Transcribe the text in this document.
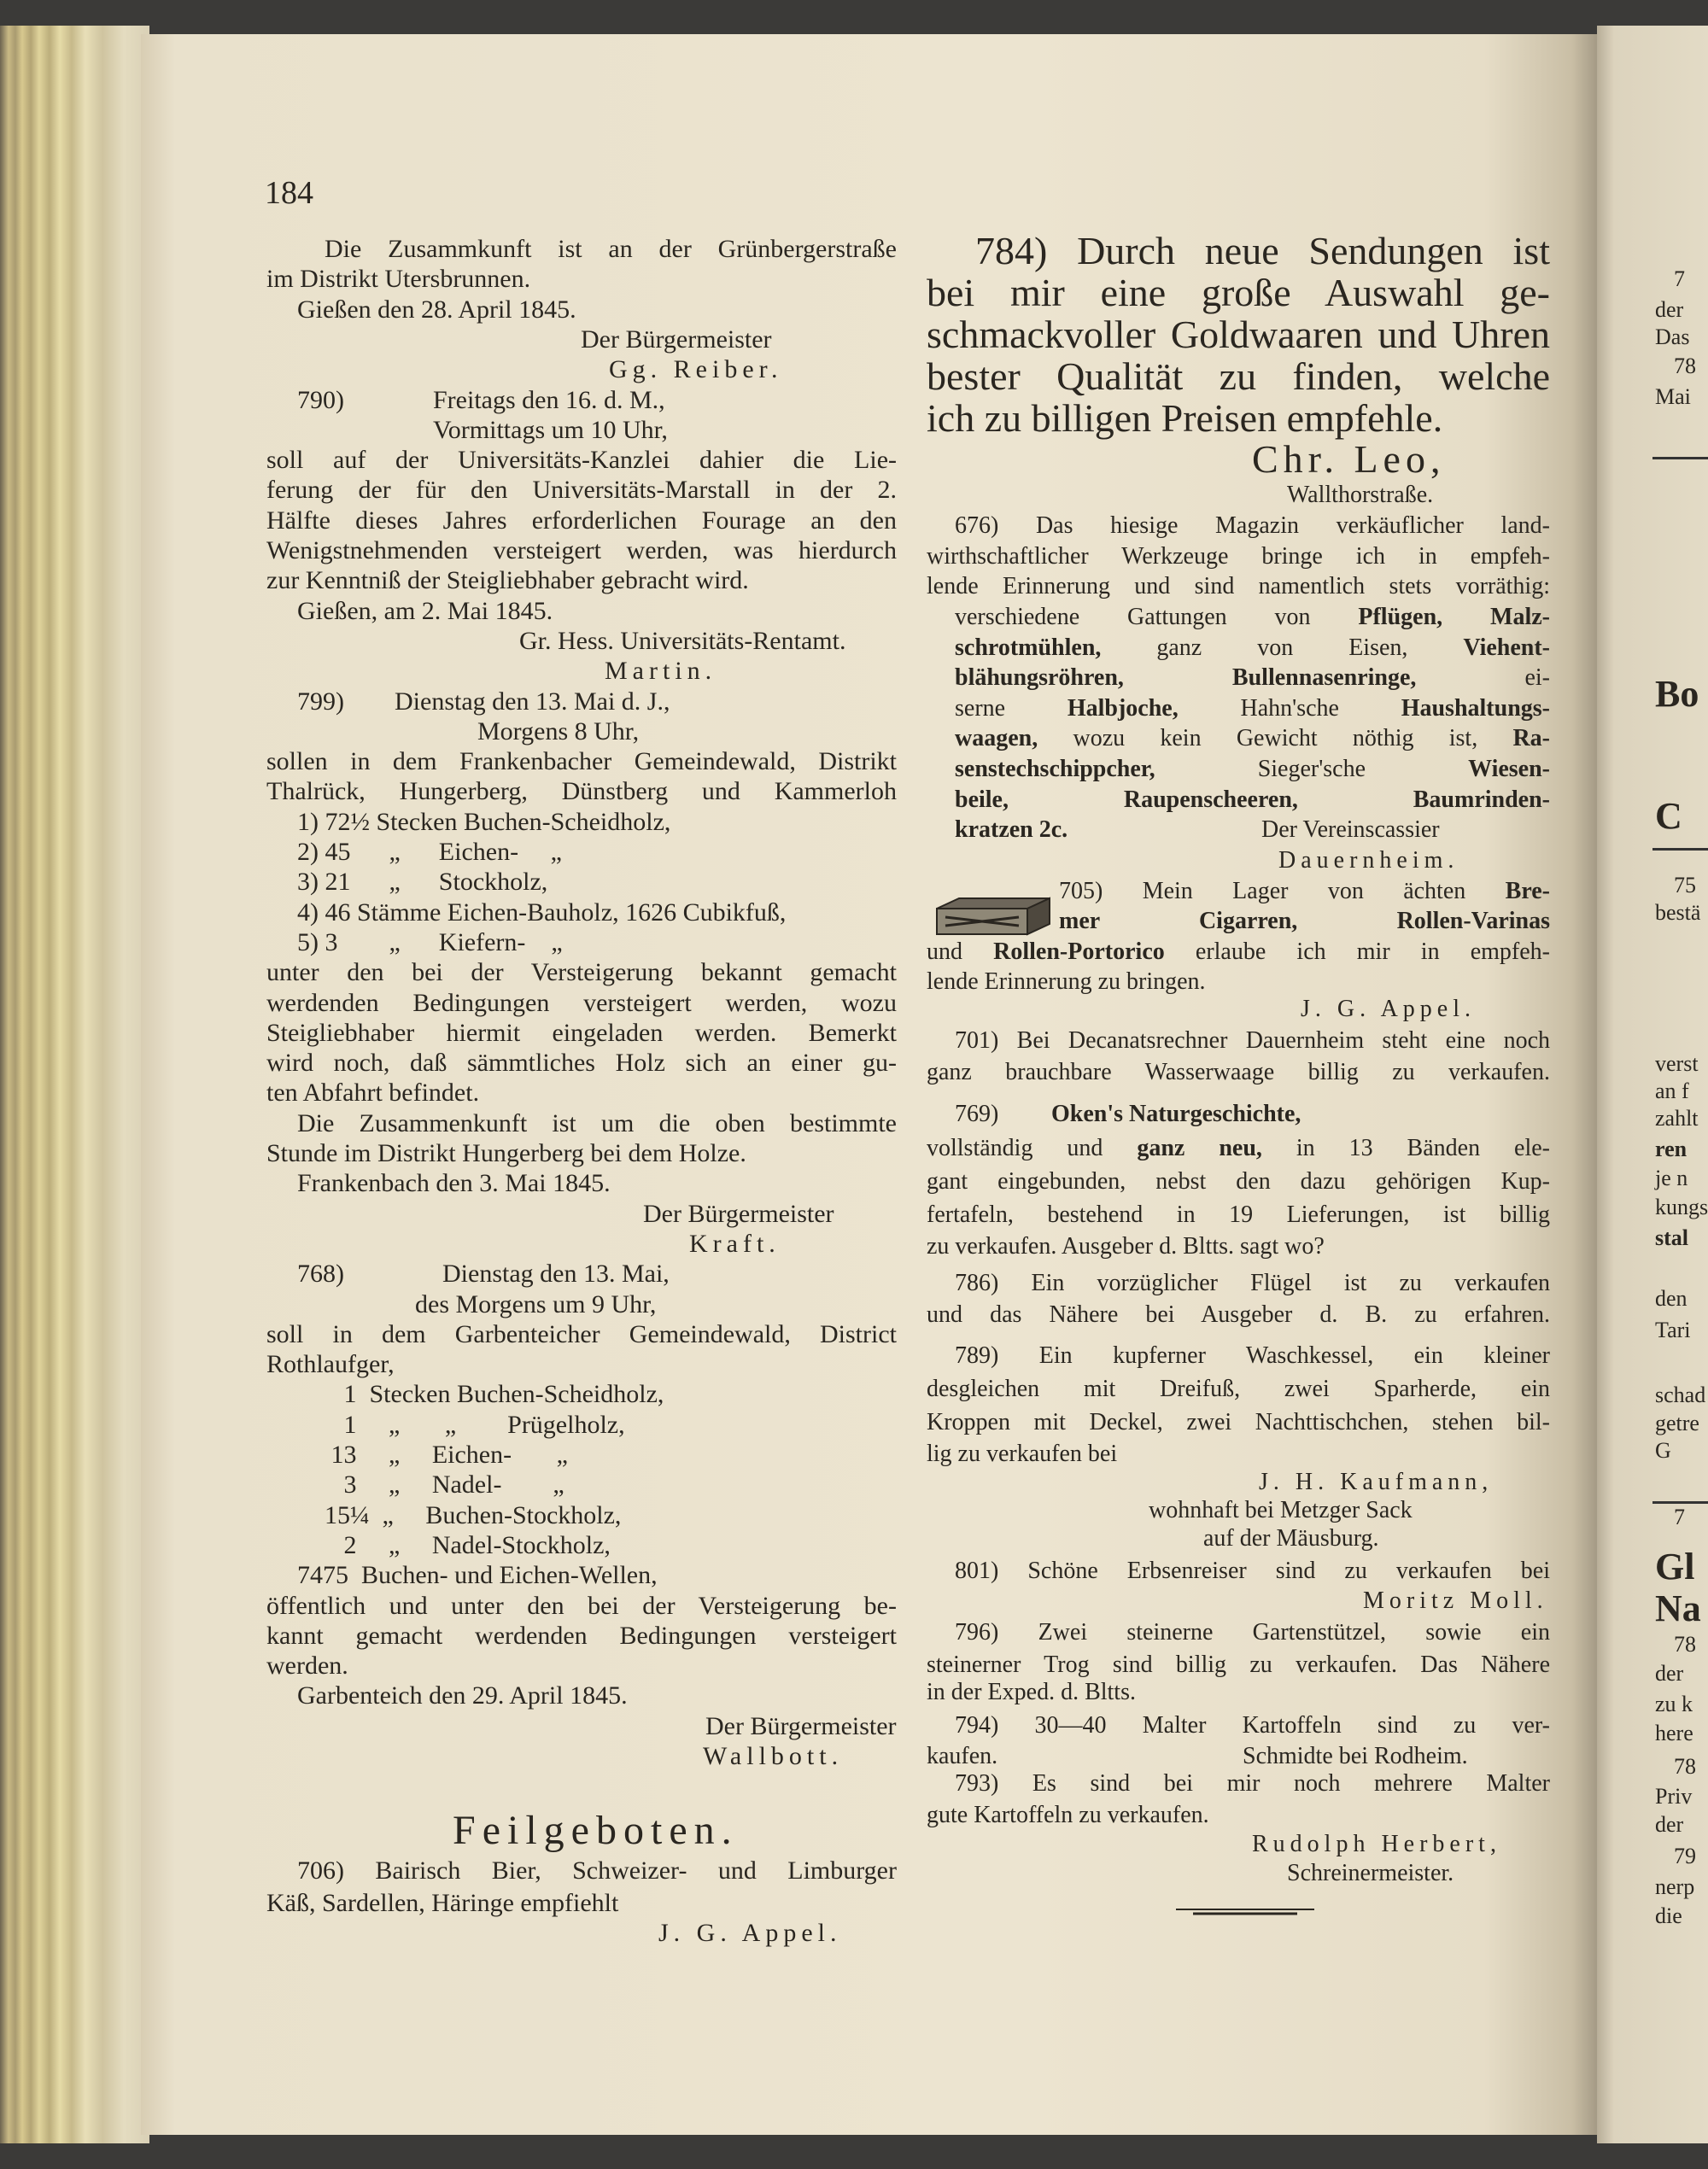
184
Die Zusammkunft ist an der Grünbergerstraße
im Distrikt Utersbrunnen.
Gießen den 28. April 1845.
Der Bürgermeister
Gg. Reiber.
790)	Freitags den 16. d. M.,
Vormittags um 10 Uhr,
soll auf der Universitäts-Kanzlei dahier die Lie-
ferung der für den Universitäts-Marstall in der 2.
Hälfte dieses Jahres erforderlichen Fourage an den
Wenigstnehmenden versteigert werden, was hierdurch
zur Kenntniß der Steigliebhaber gebracht wird.
Gießen, am 2. Mai 1845.
Gr. Hess. Universitäts-Rentamt.
Martin.
799) Dienstag den 13. Mai d. J.,
Morgens 8 Uhr,
sollen in dem Frankenbacher Gemeindewald, Distrikt
Thalrück, Hungerberg, Dünstberg und Kammerloh
1) 72½ Stecken Buchen-Scheidholz,
2) 45      „      Eichen-     „
3) 21      „      Stockholz,
4) 46 Stämme Eichen-Bauholz, 1626 Cubikfuß,
5) 3        „      Kiefern-    „
unter den bei der Versteigerung bekannt gemacht
werdenden Bedingungen versteigert werden, wozu
Steigliebhaber hiermit eingeladen werden. Bemerkt
wird noch, daß sämmtliches Holz sich an einer gu-
ten Abfahrt befindet.
Die Zusammenkunft ist um die oben bestimmte
Stunde im Distrikt Hungerberg bei dem Holze.
Frankenbach den 3. Mai 1845.
Der Bürgermeister
Kraft.
768)	Dienstag den 13. Mai,
des Morgens um 9 Uhr,
soll in dem Garbenteicher Gemeindewald, District
Rothlaufger,
1  Stecken Buchen-Scheidholz,
1     „       „        Prügelholz,
13     „     Eichen-       „
3     „     Nadel-        „
15¼  „     Buchen-Stockholz,
2     „     Nadel-Stockholz,
7475  Buchen- und Eichen-Wellen,
öffentlich und unter den bei der Versteigerung be-
kannt gemacht werdenden Bedingungen versteigert
werden.
Garbenteich den 29. April 1845.
Der Bürgermeister
Wallbott.
706) Bairisch Bier, Schweizer- und Limburger
Käß, Sardellen, Häringe empfiehlt
J. G. Appel.
Feilgeboten.
784) Durch neue Sendungen ist
bei mir eine große Auswahl ge-
schmackvoller Goldwaaren und Uhren
bester Qualität zu finden, welche
ich zu billigen Preisen empfehle.
Chr. Leo,
Wallthorstraße.
676) Das hiesige Magazin verkäuflicher land-
wirthschaftlicher Werkzeuge bringe ich in empfeh-
lende Erinnerung und sind namentlich stets vorräthig:
verschiedene Gattungen von Pflügen, Malz-
schrotmühlen, ganz von Eisen, Viehent-
blähungsröhren, Bullennasenringe, ei-
serne Halbjoche, Hahn'sche Haushaltungs-
waagen, wozu kein Gewicht nöthig ist, Ra-
senstechschippcher, Sieger'sche Wiesen-
beile, Raupenscheeren, Baumrinden-
kratzen 2c.	Der Vereinscassier
Dauernheim.
705) Mein Lager von ächten Bre-
mer Cigarren, Rollen-Varinas
und Rollen-Portorico erlaube ich mir in empfeh-
lende Erinnerung zu bringen.
J. G. Appel.
701) Bei Decanatsrechner Dauernheim steht eine noch
ganz brauchbare Wasserwaage billig zu verkaufen.
769) Oken's Naturgeschichte,
vollständig und ganz neu, in 13 Bänden ele-
gant eingebunden, nebst den dazu gehörigen Kup-
fertafeln, bestehend in 19 Lieferungen, ist billig
zu verkaufen. Ausgeber d. Bltts. sagt wo?
786) Ein vorzüglicher Flügel ist zu verkaufen
und das Nähere bei Ausgeber d. B. zu erfahren.
789) Ein kupferner Waschkessel, ein kleiner
desgleichen mit Dreifuß, zwei Sparherde, ein
Kroppen mit Deckel, zwei Nachttischchen, stehen bil-
lig zu verkaufen bei
J. H. Kaufmann,
wohnhaft bei Metzger Sack
auf der Mäusburg.
801) Schöne Erbsenreiser sind zu verkaufen bei
Moritz Moll.
796) Zwei steinerne Gartenstützel, sowie ein
steinerner Trog sind billig zu verkaufen. Das Nähere
in der Exped. d. Bltts.
794) 30—40 Malter Kartoffeln sind zu ver-
kaufen.	Schmidte bei Rodheim.
793) Es sind bei mir noch mehrere Malter
gute Kartoffeln zu verkaufen.
Rudolph Herbert,
Schreinermeister.
7
der
Das
78
Mai
Bo
C
75
bestä
verst
an f
zahlt
ren
je n
kungs
stal
den
Tari
schad
getre
G
7
Gl
Na
78
der
zu k
here
78
Priv
der
79
nerp
die
